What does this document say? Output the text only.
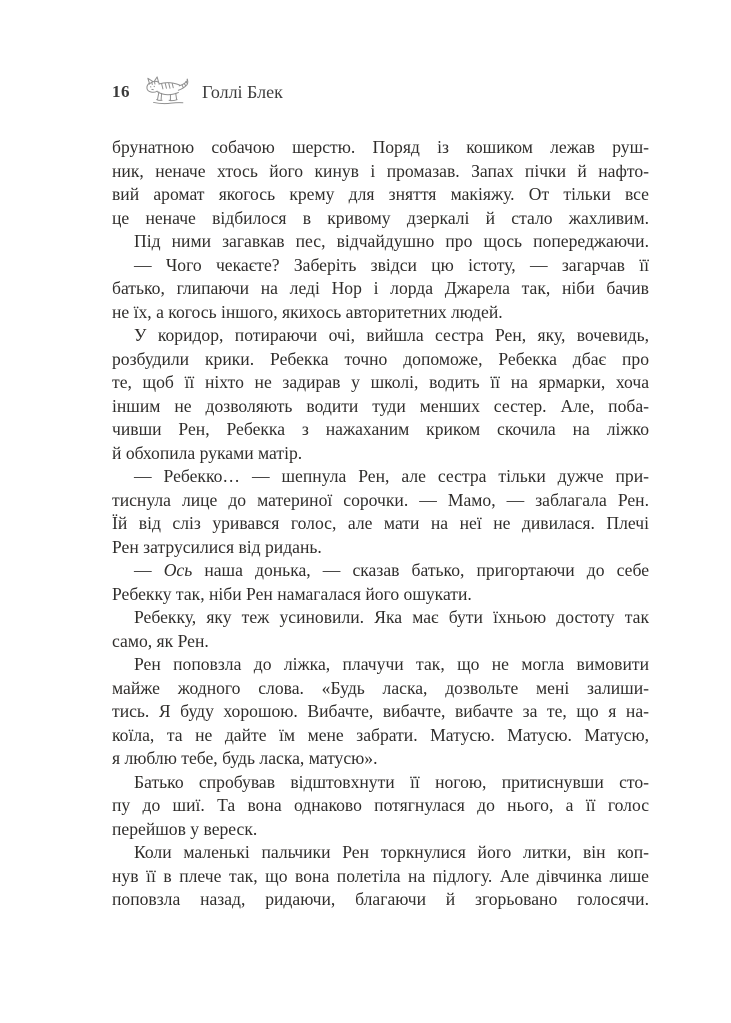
16	Голлі Блек
брунатною собачою шерстю. Поряд із кошиком лежав руш-
ник, неначе хтось його кинув і промазав. Запах пічки й нафто-
вий аромат якогось крему для зняття макіяжу. От тільки все
це неначе відбилося в кривому дзеркалі й стало жахливим.
Під ними загавкав пес, відчайдушно про щось попереджаючи.
— Чого чекаєте? Заберіть звідси цю істоту, — загарчав її
батько, глипаючи на леді Нор і лорда Джарела так, ніби бачив
не їх, а когось іншого, якихось авторитетних людей.
У коридор, потираючи очі, вийшла сестра Рен, яку, вочевидь,
розбудили крики. Ребекка точно допоможе, Ребекка дбає про
те, щоб її ніхто не задирав у школі, водить її на ярмарки, хоча
іншим не дозволяють водити туди менших сестер. Але, поба-
чивши Рен, Ребекка з нажаханим криком скочила на ліжко
й обхопила руками матір.
— Ребекко… — шепнула Рен, але сестра тільки дужче при-
тиснула лице до материної сорочки. — Мамо, — заблагала Рен.
Їй від сліз уривався голос, але мати на неї не дивилася. Плечі
Рен затрусилися від ридань.
— Ось наша донька, — сказав батько, пригортаючи до себе
Ребекку так, ніби Рен намагалася його ошукати.
Ребекку, яку теж усиновили. Яка має бути їхньою достоту так
само, як Рен.
Рен поповзла до ліжка, плачучи так, що не могла вимовити
майже жодного слова. «Будь ласка, дозвольте мені залиши-
тись. Я буду хорошою. Вибачте, вибачте, вибачте за те, що я на-
коїла, та не дайте їм мене забрати. Матусю. Матусю. Матусю,
я люблю тебе, будь ласка, матусю».
Батько спробував відштовхнути її ногою, притиснувши сто-
пу до шиї. Та вона однаково потягнулася до нього, а її голос
перейшов у вереск.
Коли маленькі пальчики Рен торкнулися його литки, він коп-
нув її в плече так, що вона полетіла на підлогу. Але дівчинка лише
поповзла назад, ридаючи, благаючи й згорьовано голосячи.
